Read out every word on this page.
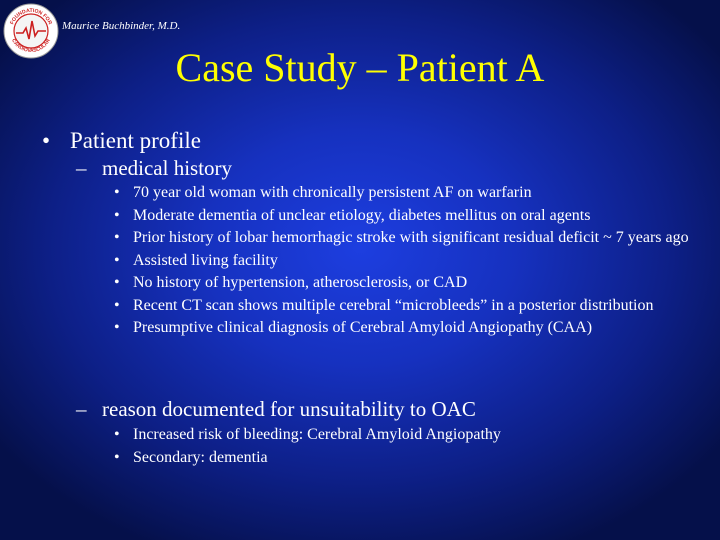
FOUNDATION FOR
CARDIOVASCULAR
Maurice Buchbinder, M.D.
Case Study – Patient A
• Patient profile
– medical history
• 70 year old woman with chronically persistent AF on warfarin
• Moderate dementia of unclear etiology, diabetes mellitus on oral agents
• Prior history of lobar hemorrhagic stroke with significant residual deficit ~ 7 years ago
• Assisted living facility
• No history of hypertension, atherosclerosis, or CAD
• Recent CT scan shows multiple cerebral “microbleeds” in a posterior distribution
• Presumptive clinical diagnosis of Cerebral Amyloid Angiopathy (CAA)
– reason documented for unsuitability to OAC
• Increased risk of bleeding: Cerebral Amyloid Angiopathy
• Secondary: dementia
